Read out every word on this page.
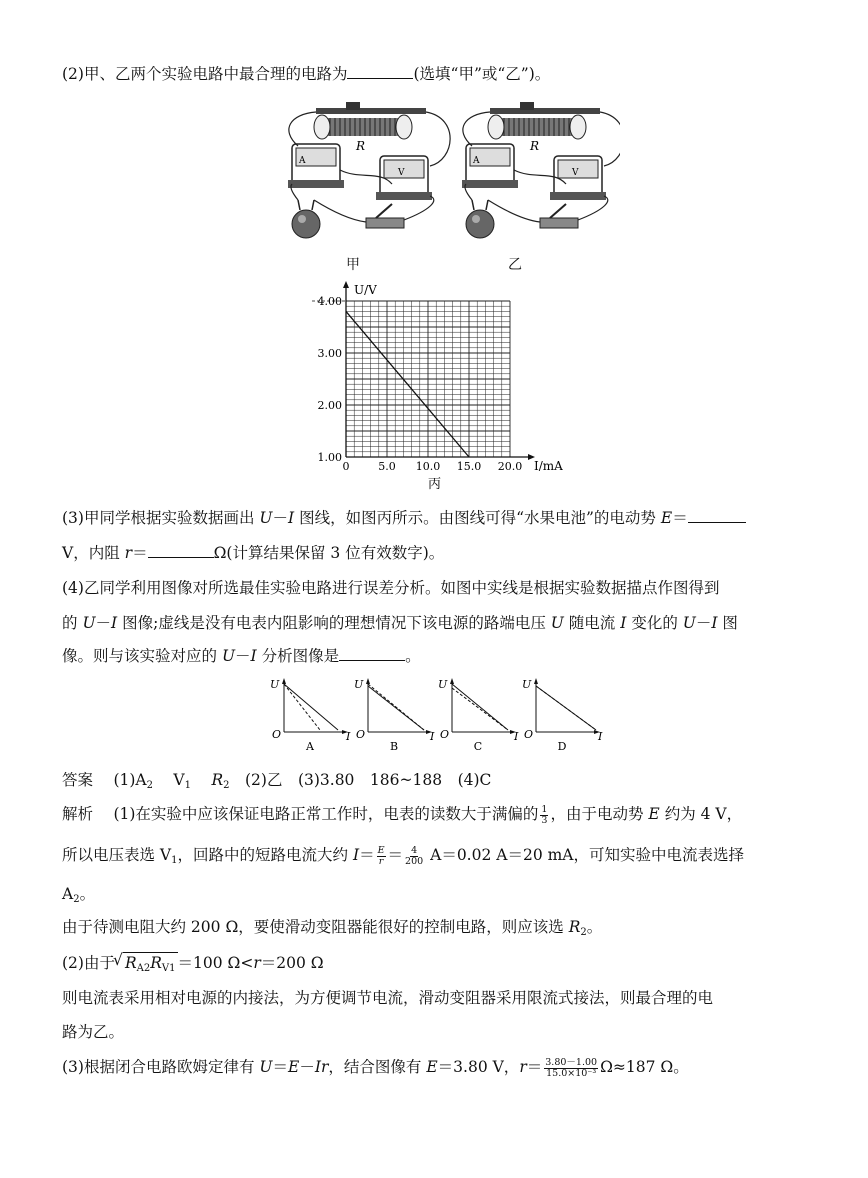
(2)甲、乙两个实验电路中最合理的电路为	(选填“甲”或“乙”)。
R
A
V
R
A
V
甲	乙
0	5.0 10.0 15.0 20.0
1.00
2.00
3.00
4.00
U/V
I/mA
丙
(3)甲同学根据实验数据画出 U－I 图线，如图丙所示。由图线可得“水果电池”的电动势 E＝
V，内阻 r＝	Ω(计算结果保留 3 位有效数字)。
(4)乙同学利用图像对所选最佳实验电路进行误差分析。如图中实线是根据实验数据描点作图得到
的 U－I 图像;虚线是没有电表内阻影响的理想情况下该电源的路端电压 U 随电流 I 变化的 U－I 图
像。则与该实验对应的 U－I 分析图像是	。
U
O	I
A
U
O	I
B
U
O	I
C
U
O	I
D
答案　 $(1)A_2$　 $V_1$　 $R_2$　 (2)乙　(3)3.80　186~188　(4)C
解析　 (1)在实验中应该保证电路正常工作时，电表的读数大于满偏的 $\frac{1}{3}$ ，由于电动势 E 约为 4 V，
所以电压表选 $V_1$，回路中的短路电流大约 $I= \frac{E}{r} = \frac{4}{200} A=0.02$ A＝20 mA，可知实验中电流表选择
$A_2$。
由于待测电阻大约 200 Ω，要使滑动变阻器能很好的控制电路，则应该选 $R_2$。
(2)由于
√ $R_{A2}R_{V1} =100$ Ω<r＝200 Ω
则电流表采用相对电源的内接法，为方便调节电流，滑动变阻器采用限流式接法，则最合理的电
路为乙。
(3)根据闭合电路欧姆定律有 U＝E－Ir，结合图像有 E＝3.80 V，$r= \frac{3.80-1.00}{\text{15.0×10⁻³}} \Omega\approx 187$ Ω。
